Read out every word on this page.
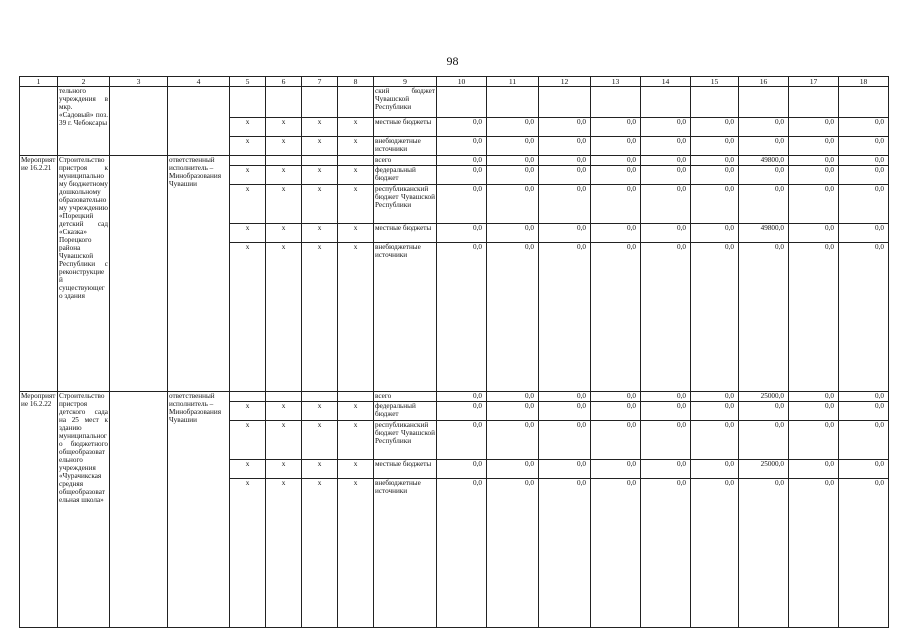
98
1	2	3	4	5	6	7	8	9	10	11	12	13	14	15	16	17	18
	тельного учреждения в мкр. «Садовый» поз. 39 г. Чебоксары							ский бюджет Чувашской Республики									
				х	х	х	х	местные бюджеты	0,0	0,0	0,0	0,0	0,0	0,0	0,0	0,0	0,0
				х	х	х	х	внебюджетные источники	0,0	0,0	0,0	0,0	0,0	0,0	0,0	0,0	0,0
Мероприятие 16.2.21	Строительство пристроя к муниципальному бюджетному дошкольному образовательному учреждению «Порецкий детский сад «Сказка» Порецкого района Чувашской Республики с реконструкцией существующего здания		ответственный исполнитель – Минобразования Чувашии					всего	0,0	0,0	0,0	0,0	0,0	0,0	49800,0	0,0	0,0
				х	х	х	х	федеральный бюджет	0,0	0,0	0,0	0,0	0,0	0,0	0,0	0,0	0,0
				х	х	х	х	республиканский бюджет Чувашской Республики	0,0	0,0	0,0	0,0	0,0	0,0	0,0	0,0	0,0
				х	х	х	х	местные бюджеты	0,0	0,0	0,0	0,0	0,0	0,0	49800,0	0,0	0,0
				х	х	х	х	внебюджетные источники	0,0	0,0	0,0	0,0	0,0	0,0	0,0	0,0	0,0
Мероприятие 16.2.22	Строительство пристроя детского сада на 25 мест к зданию муниципального бюджетного общеобразовательного учреждения «Чурачикская средняя общеобразовательная школа»		ответственный исполнитель – Минобразования Чувашии					всего	0,0	0,0	0,0	0,0	0,0	0,0	25000,0	0,0	0,0
				х	х	х	х	федеральный бюджет	0,0	0,0	0,0	0,0	0,0	0,0	0,0	0,0	0,0
				х	х	х	х	республиканский бюджет Чувашской Республики	0,0	0,0	0,0	0,0	0,0	0,0	0,0	0,0	0,0
				х	х	х	х	местные бюджеты	0,0	0,0	0,0	0,0	0,0	0,0	25000,0	0,0	0,0
				х	х	х	х	внебюджетные источники	0,0	0,0	0,0	0,0	0,0	0,0	0,0	0,0	0,0
